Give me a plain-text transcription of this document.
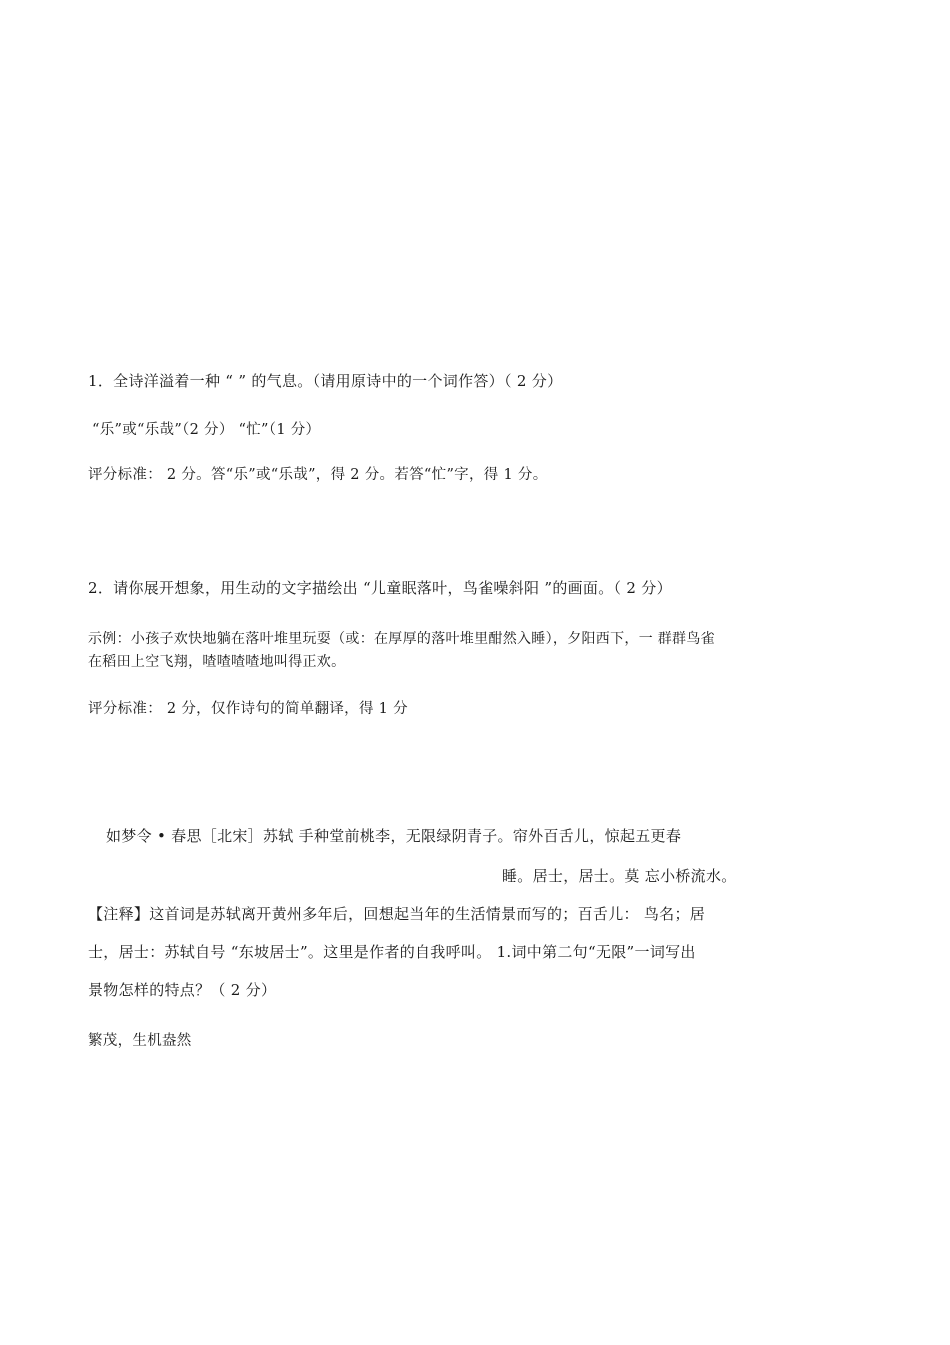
1．全诗洋溢着一种 “ ” 的气息。（请用原诗中的一个词作答）（ 2 分）
“乐”或“乐哉”（2 分） “忙”（1 分）
评分标准： 2 分。答“乐”或“乐哉”，得 2 分。若答“忙”字，得 1 分。
2．请你展开想象，用生动的文字描绘出 “儿童眠落叶，鸟雀噪斜阳 ”的画面。（ 2 分）
示例：小孩子欢快地躺在落叶堆里玩耍（或：在厚厚的落叶堆里酣然入睡），夕阳西下，一 群群鸟雀
在稻田上空飞翔，喳喳喳喳地叫得正欢。
评分标准： 2 分，仅作诗句的简单翻译，得 1 分
如梦令 • 春思［北宋］苏轼 手种堂前桃李，无限绿阴青子。帘外百舌儿，惊起五更春
睡。居士，居士。莫 忘小桥流水。
【注释】这首词是苏轼离开黄州多年后，回想起当年的生活情景而写的；百舌儿： 鸟名；居
士，居士：苏轼自号 “东坡居士”。这里是作者的自我呼叫。 1.词中第二句“无限”一词写出
景物怎样的特点？（ 2 分）
繁茂，生机盎然
